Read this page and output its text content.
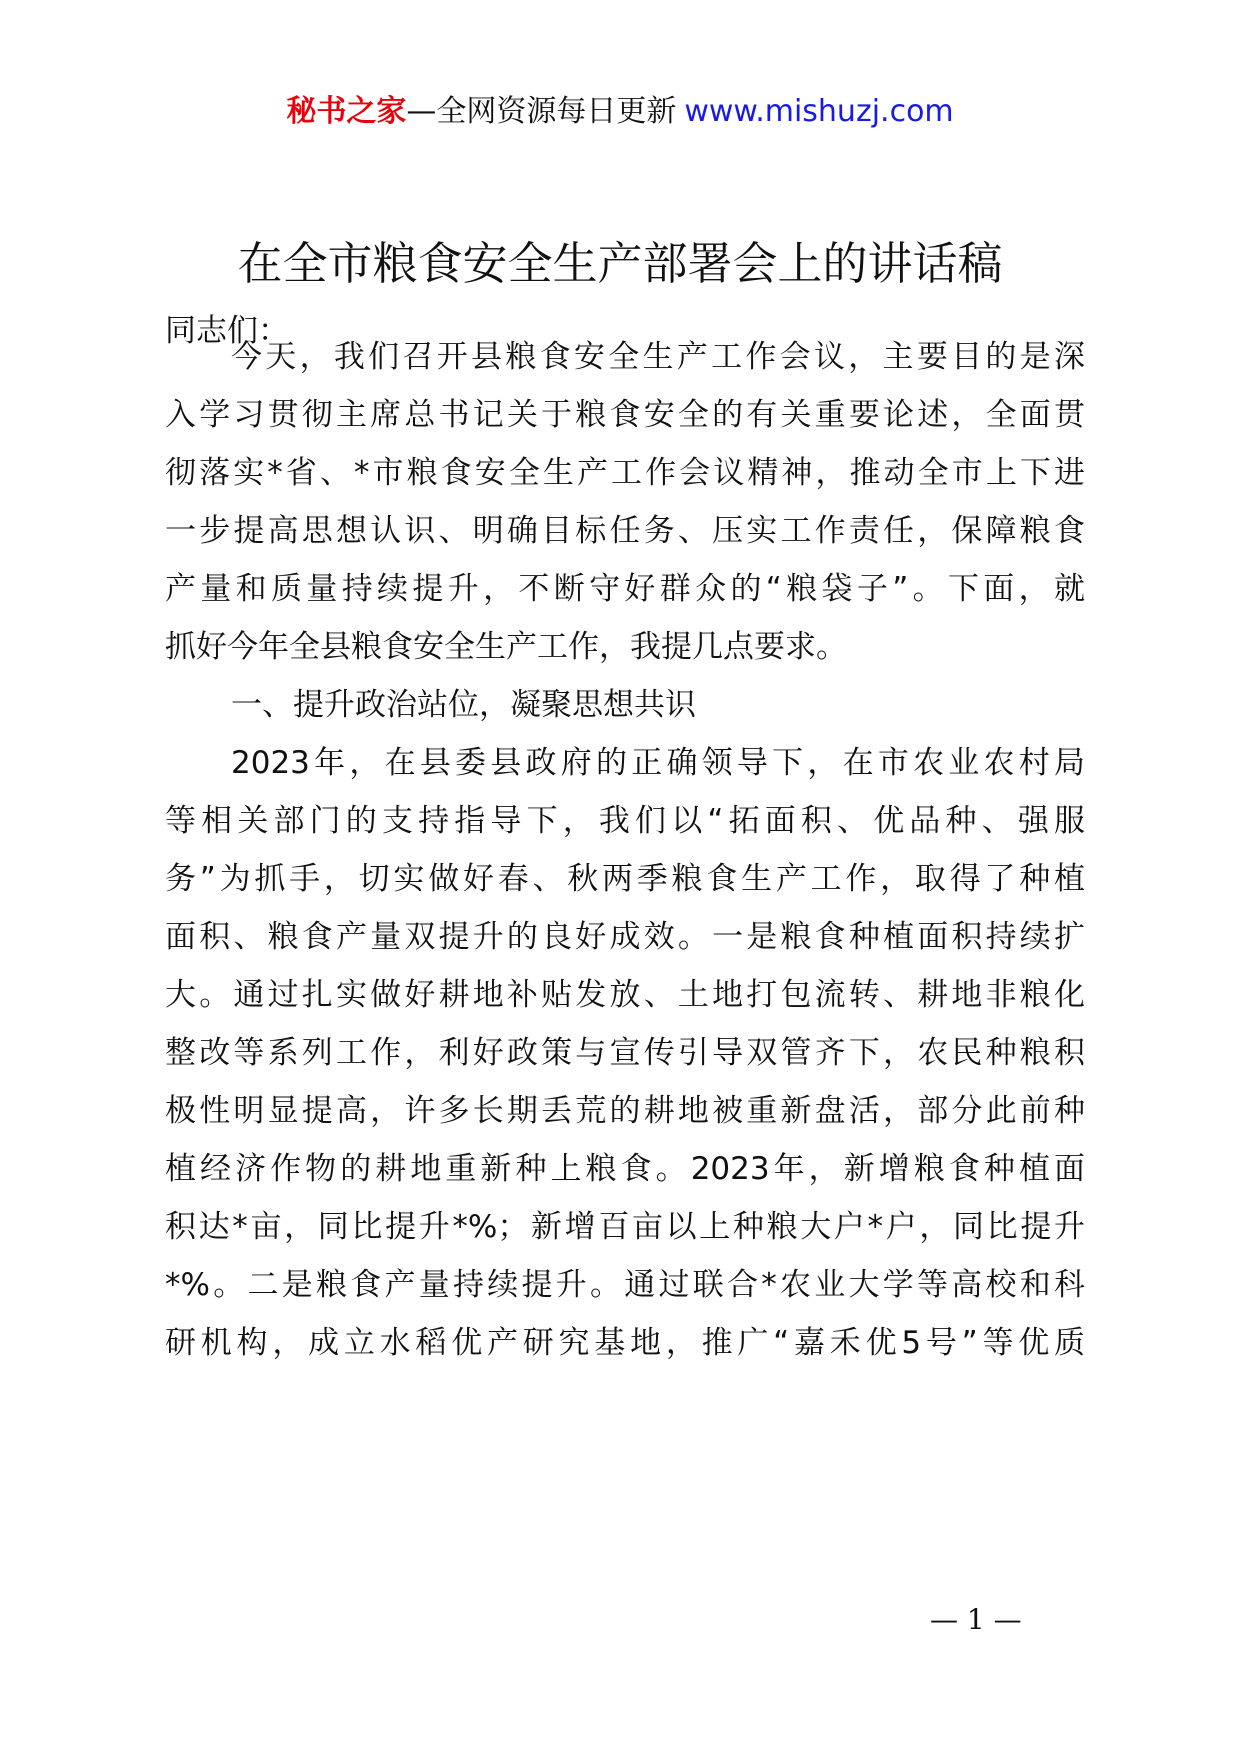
秘书之家—全网资源每日更新 www.mishuzj.com
在全市粮食安全生产部署会上的讲话稿
同志们：
今天，我们召开县粮食安全生产工作会议，主要目的是深
入学习贯彻主席总书记关于粮食安全的有关重要论述，全面贯
彻落实*省、*市粮食安全生产工作会议精神，推动全市上下进
一步提高思想认识、明确目标任务、压实工作责任，保障粮食
产量和质量持续提升，不断守好群众的“粮袋子”。下面，就
抓好今年全县粮食安全生产工作，我提几点要求。
一、提升政治站位，凝聚思想共识
2023年，在县委县政府的正确领导下，在市农业农村局
等相关部门的支持指导下，我们以“拓面积、优品种、强服
务”为抓手，切实做好春、秋两季粮食生产工作，取得了种植
面积、粮食产量双提升的良好成效。一是粮食种植面积持续扩
大。通过扎实做好耕地补贴发放、土地打包流转、耕地非粮化
整改等系列工作，利好政策与宣传引导双管齐下，农民种粮积
极性明显提高，许多长期丢荒的耕地被重新盘活，部分此前种
植经济作物的耕地重新种上粮食。2023年，新增粮食种植面
积达*亩，同比提升*%；新增百亩以上种粮大户*户，同比提升
*%。二是粮食产量持续提升。通过联合*农业大学等高校和科
研机构，成立水稻优产研究基地，推广“嘉禾优5号”等优质
— 1 —
